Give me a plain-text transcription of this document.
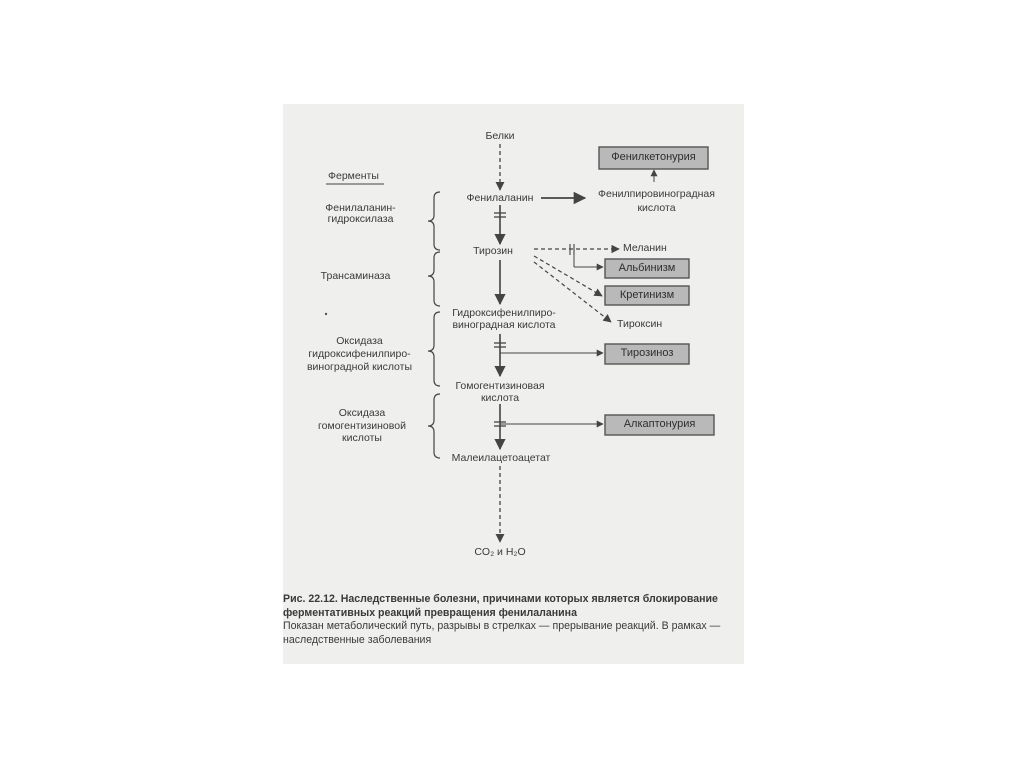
Ферменты
Фенилаланин-гидроксилаза
Трансаминаза
Оксидаза гидроксифенилпиро-виноградной кислоты
Оксидаза гомогентизиновой кислоты
Белки
Фенилаланин
Тирозин
Гидроксифенилпиро-виноградная кислота
Гомогентизиновая кислота
Малеилацетоацетат
CO₂ и H₂O
Фенилпировиноградная кислота
Меланин
Тироксин
Фенилкетонурия
Альбинизм
Кретинизм
Тирозиноз
Алкаптонурия
Рис. 22.12. Наследственные болезни, причинами которых является блокирование ферментативных реакций превращения фенилаланина
Показан метаболический путь, разрывы в стрелках — прерывание реакций. В рамках — наследственные заболевания
